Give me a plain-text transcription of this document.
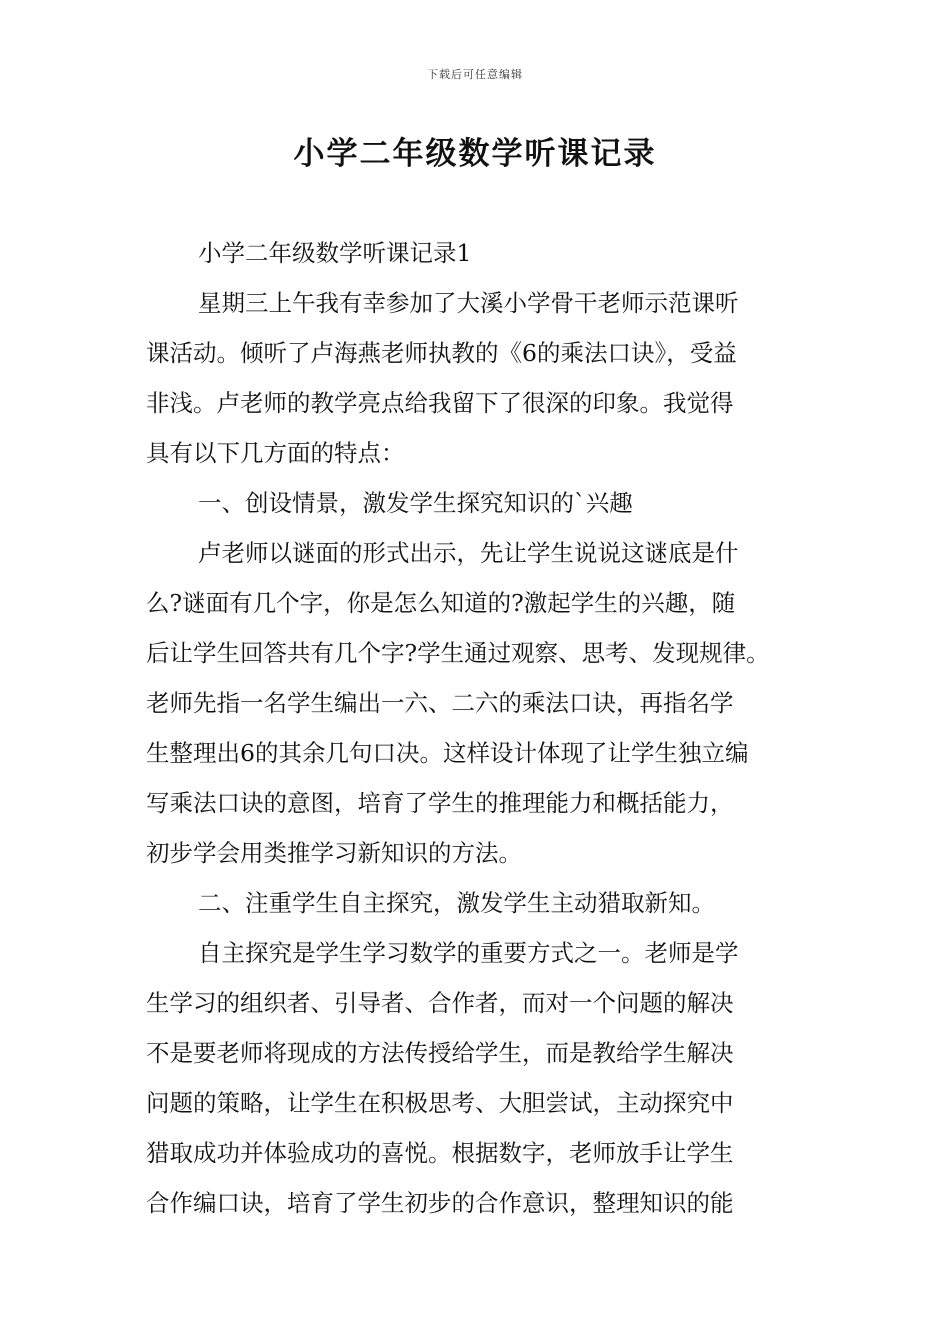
下载后可任意编辑
小学二年级数学听课记录
小学二年级数学听课记录1
星期三上午我有幸参加了大溪小学骨干老师示范课听
课活动。倾听了卢海燕老师执教的《6的乘法口诀》，受益
非浅。卢老师的教学亮点给我留下了很深的印象。我觉得
具有以下几方面的特点：
一、创设情景，激发学生探究知识的`兴趣
卢老师以谜面的形式出示，先让学生说说这谜底是什
么?谜面有几个字，你是怎么知道的?激起学生的兴趣，随
后让学生回答共有几个字?学生通过观察、思考、发现规律。
老师先指一名学生编出一六、二六的乘法口诀，再指名学
生整理出6的其余几句口决。这样设计体现了让学生独立编
写乘法口诀的意图，培育了学生的推理能力和概括能力，
初步学会用类推学习新知识的方法。
二、注重学生自主探究，激发学生主动猎取新知。
自主探究是学生学习数学的重要方式之一。老师是学
生学习的组织者、引导者、合作者，而对一个问题的解决
不是要老师将现成的方法传授给学生，而是教给学生解决
问题的策略，让学生在积极思考、大胆尝试，主动探究中
猎取成功并体验成功的喜悦。根据数字，老师放手让学生
合作编口诀，培育了学生初步的合作意识，整理知识的能
